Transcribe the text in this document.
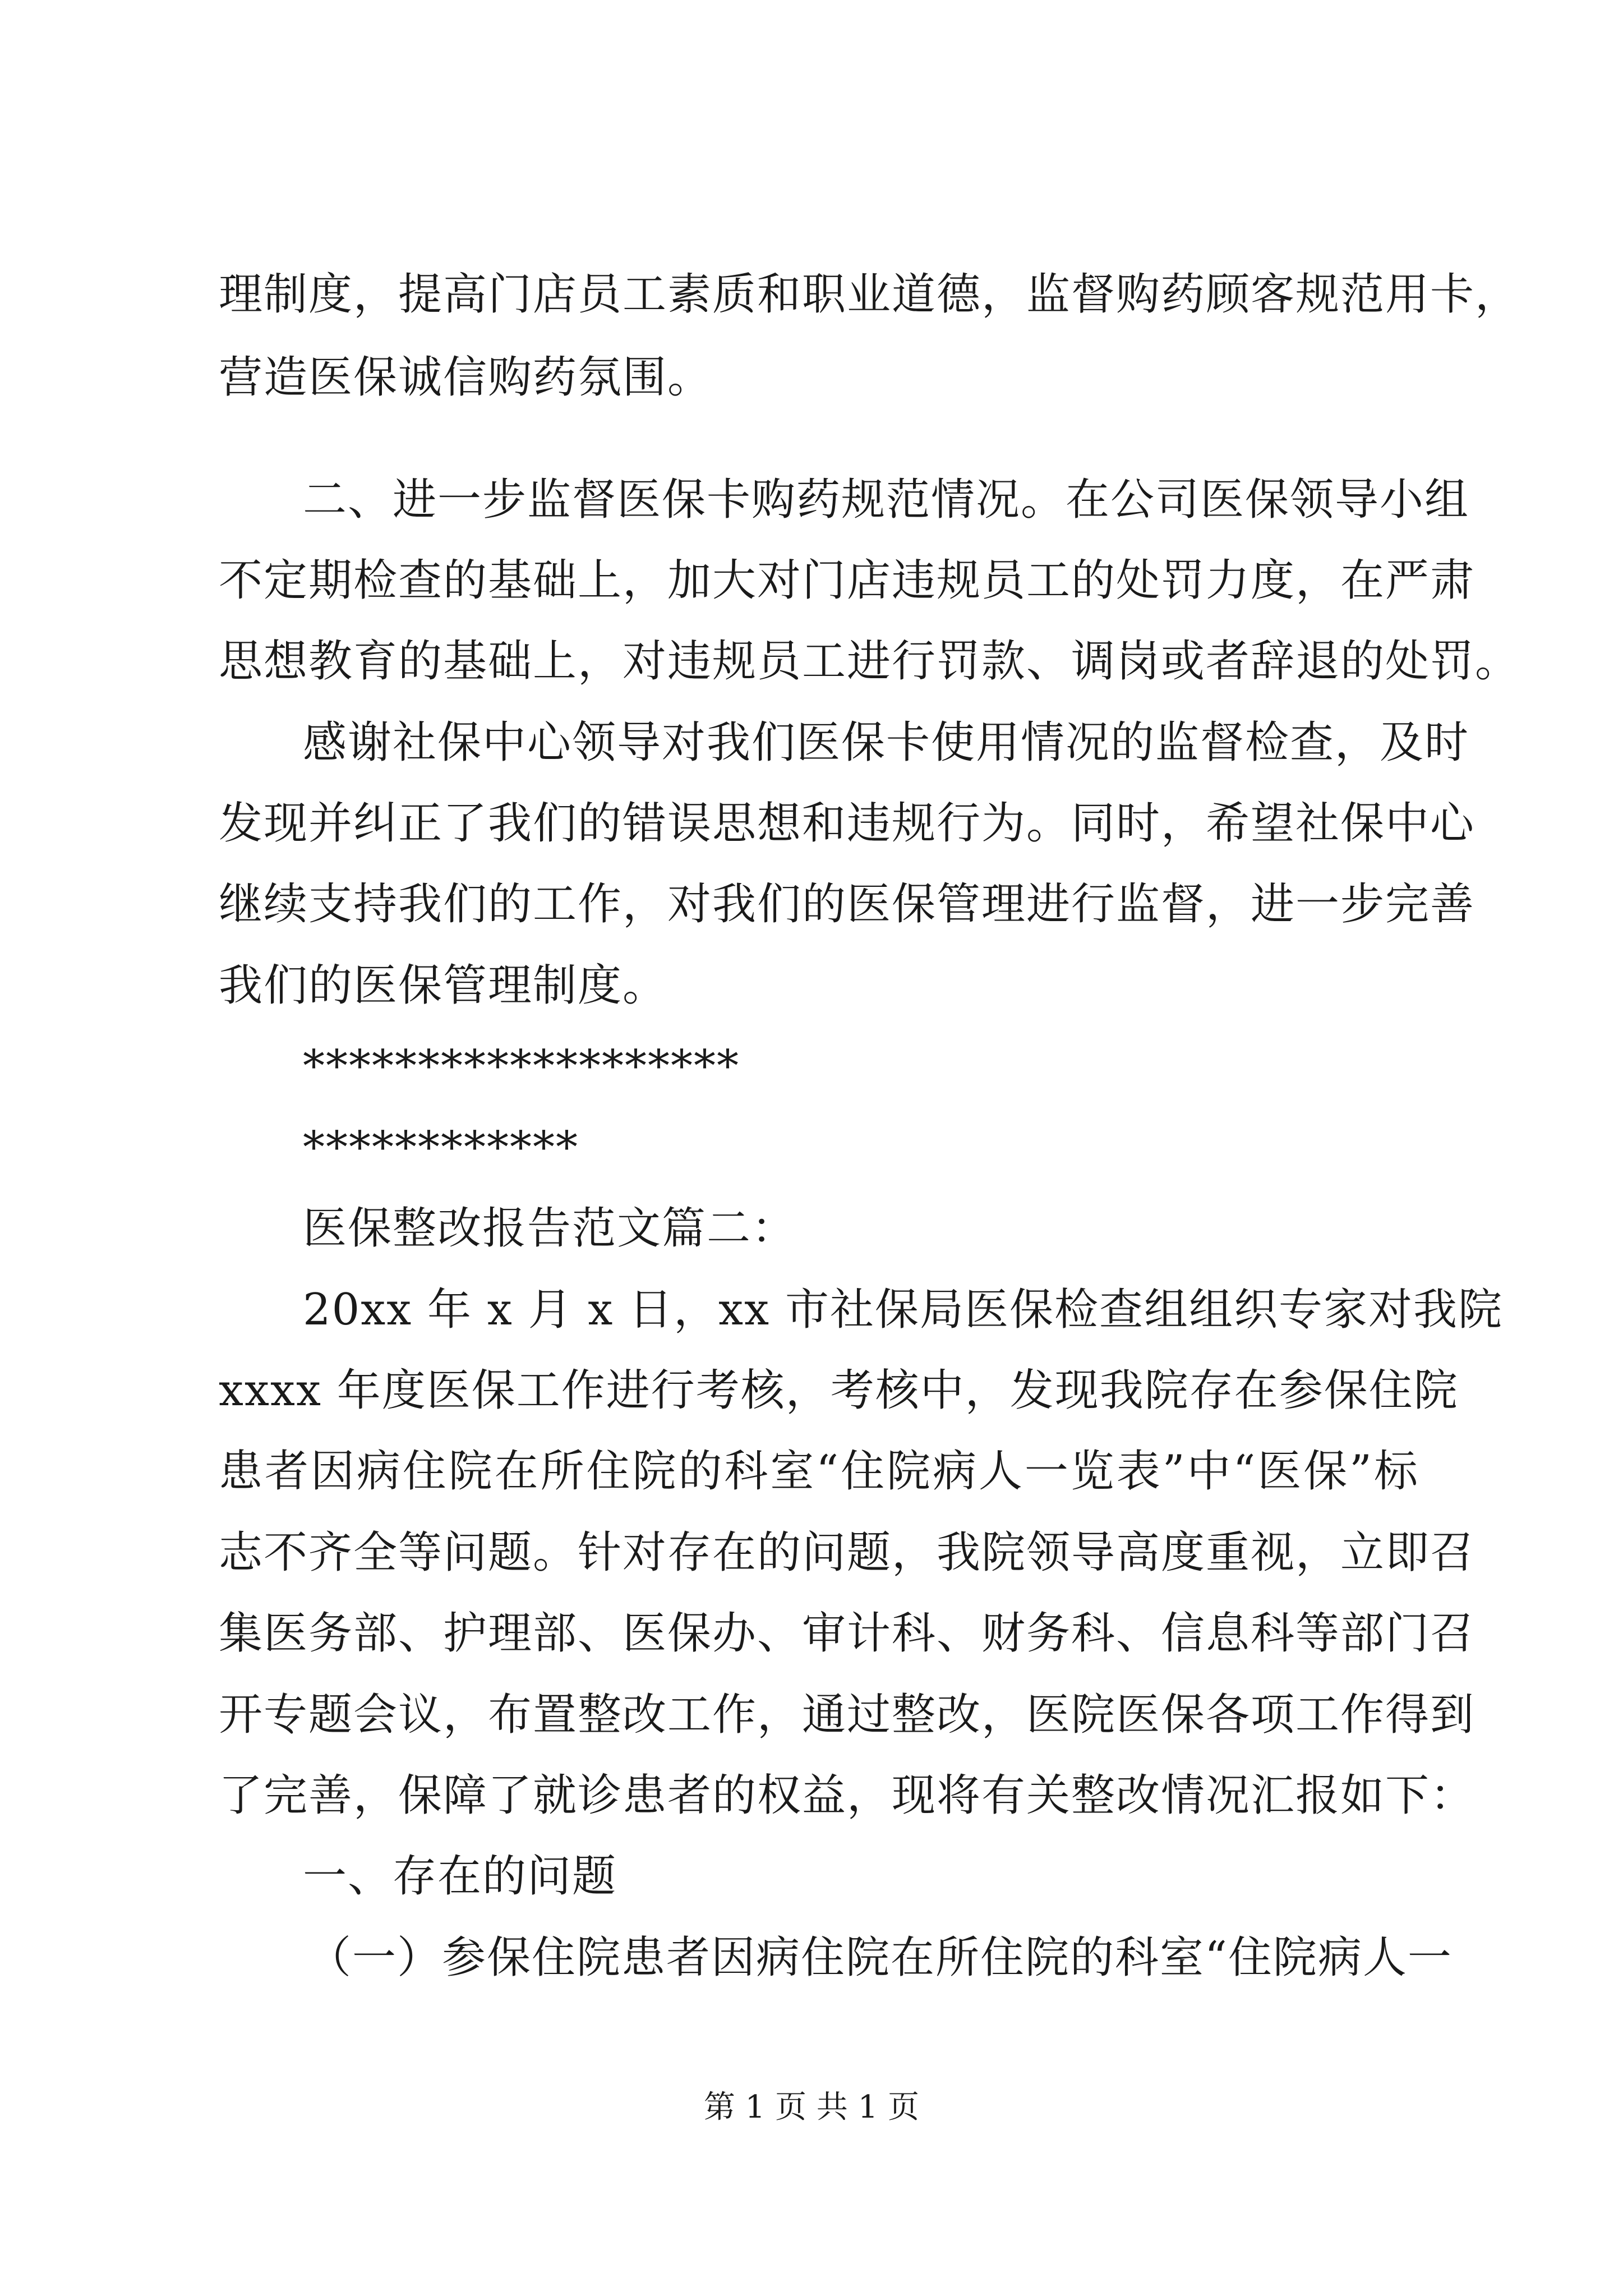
理制度，提高门店员工素质和职业道德，监督购药顾客规范用卡，
营造医保诚信购药氛围。
二、进一步监督医保卡购药规范情况。在公司医保领导小组
不定期检查的基础上，加大对门店违规员工的处罚力度，在严肃
思想教育的基础上，对违规员工进行罚款、调岗或者辞退的处罚。
感谢社保中心领导对我们医保卡使用情况的监督检查，及时
发现并纠正了我们的错误思想和违规行为。同时，希望社保中心
继续支持我们的工作，对我们的医保管理进行监督，进一步完善
我们的医保管理制度。
*******************
************
医保整改报告范文篇二：
20xx 年 x 月 x 日，xx 市社保局医保检查组组织专家对我院
xxxx 年度医保工作进行考核，考核中，发现我院存在参保住院
患者因病住院在所住院的科室“住院病人一览表”中“医保”标
志不齐全等问题。针对存在的问题，我院领导高度重视，立即召
集医务部、护理部、医保办、审计科、财务科、信息科等部门召
开专题会议，布置整改工作，通过整改，医院医保各项工作得到
了完善，保障了就诊患者的权益，现将有关整改情况汇报如下：
一、存在的问题
（一）参保住院患者因病住院在所住院的科室“住院病人一
第 1 页 共 1 页
